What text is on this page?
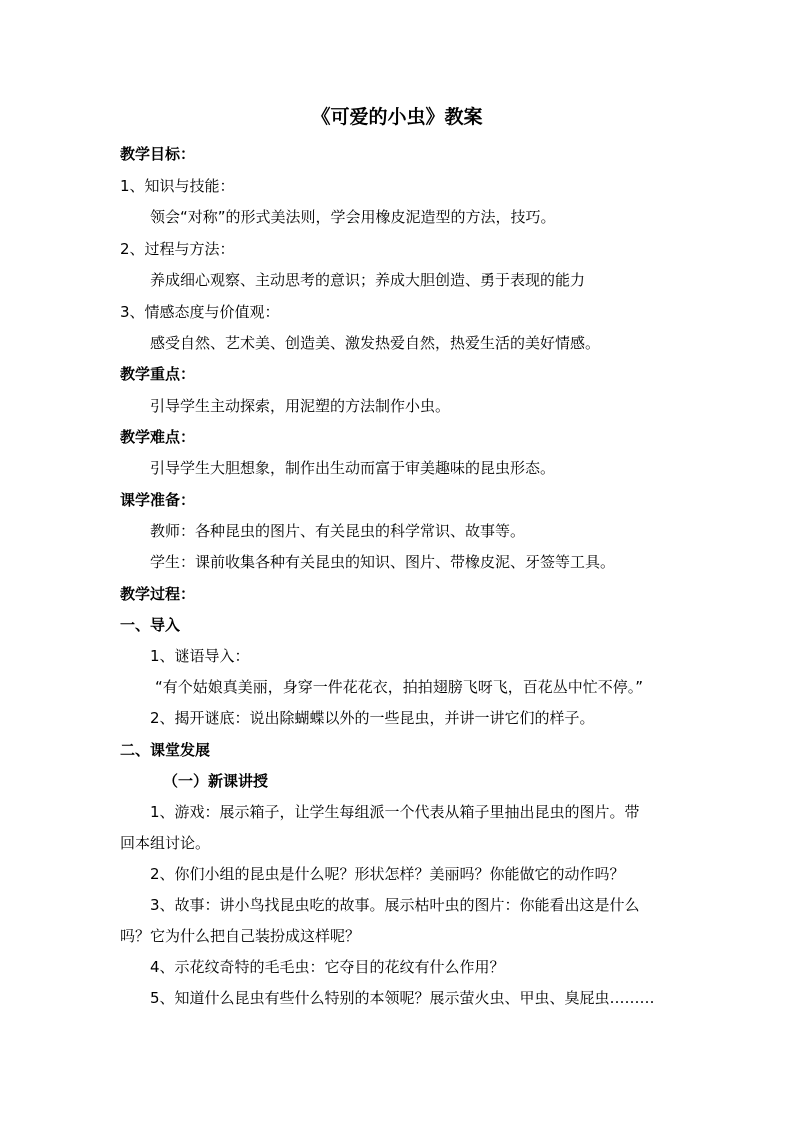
《可爱的小虫》教案
教学目标：
1、知识与技能：
领会“对称”的形式美法则，学会用橡皮泥造型的方法，技巧。
2、过程与方法：
养成细心观察、主动思考的意识；养成大胆创造、勇于表现的能力
3、情感态度与价值观：
感受自然、艺术美、创造美、激发热爱自然，热爱生活的美好情感。
教学重点：
引导学生主动探索，用泥塑的方法制作小虫。
教学难点：
引导学生大胆想象，制作出生动而富于审美趣味的昆虫形态。
课学准备：
教师：各种昆虫的图片、有关昆虫的科学常识、故事等。
学生：课前收集各种有关昆虫的知识、图片、带橡皮泥、牙签等工具。
教学过程：
一、导入
1、谜语导入：
“有个姑娘真美丽，身穿一件花花衣，拍拍翅膀飞呀飞，百花丛中忙不停。”
2、揭开谜底：说出除蝴蝶以外的一些昆虫，并讲一讲它们的样子。
二、课堂发展
（一）新课讲授
1、游戏：展示箱子，让学生每组派一个代表从箱子里抽出昆虫的图片。带
回本组讨论。
2、你们小组的昆虫是什么呢？形状怎样？美丽吗？你能做它的动作吗？
3、故事：讲小鸟找昆虫吃的故事。展示枯叶虫的图片：你能看出这是什么
吗？它为什么把自己装扮成这样呢？
4、示花纹奇特的毛毛虫：它夺目的花纹有什么作用？
5、知道什么昆虫有些什么特别的本领呢？展示萤火虫、甲虫、臭屁虫………
